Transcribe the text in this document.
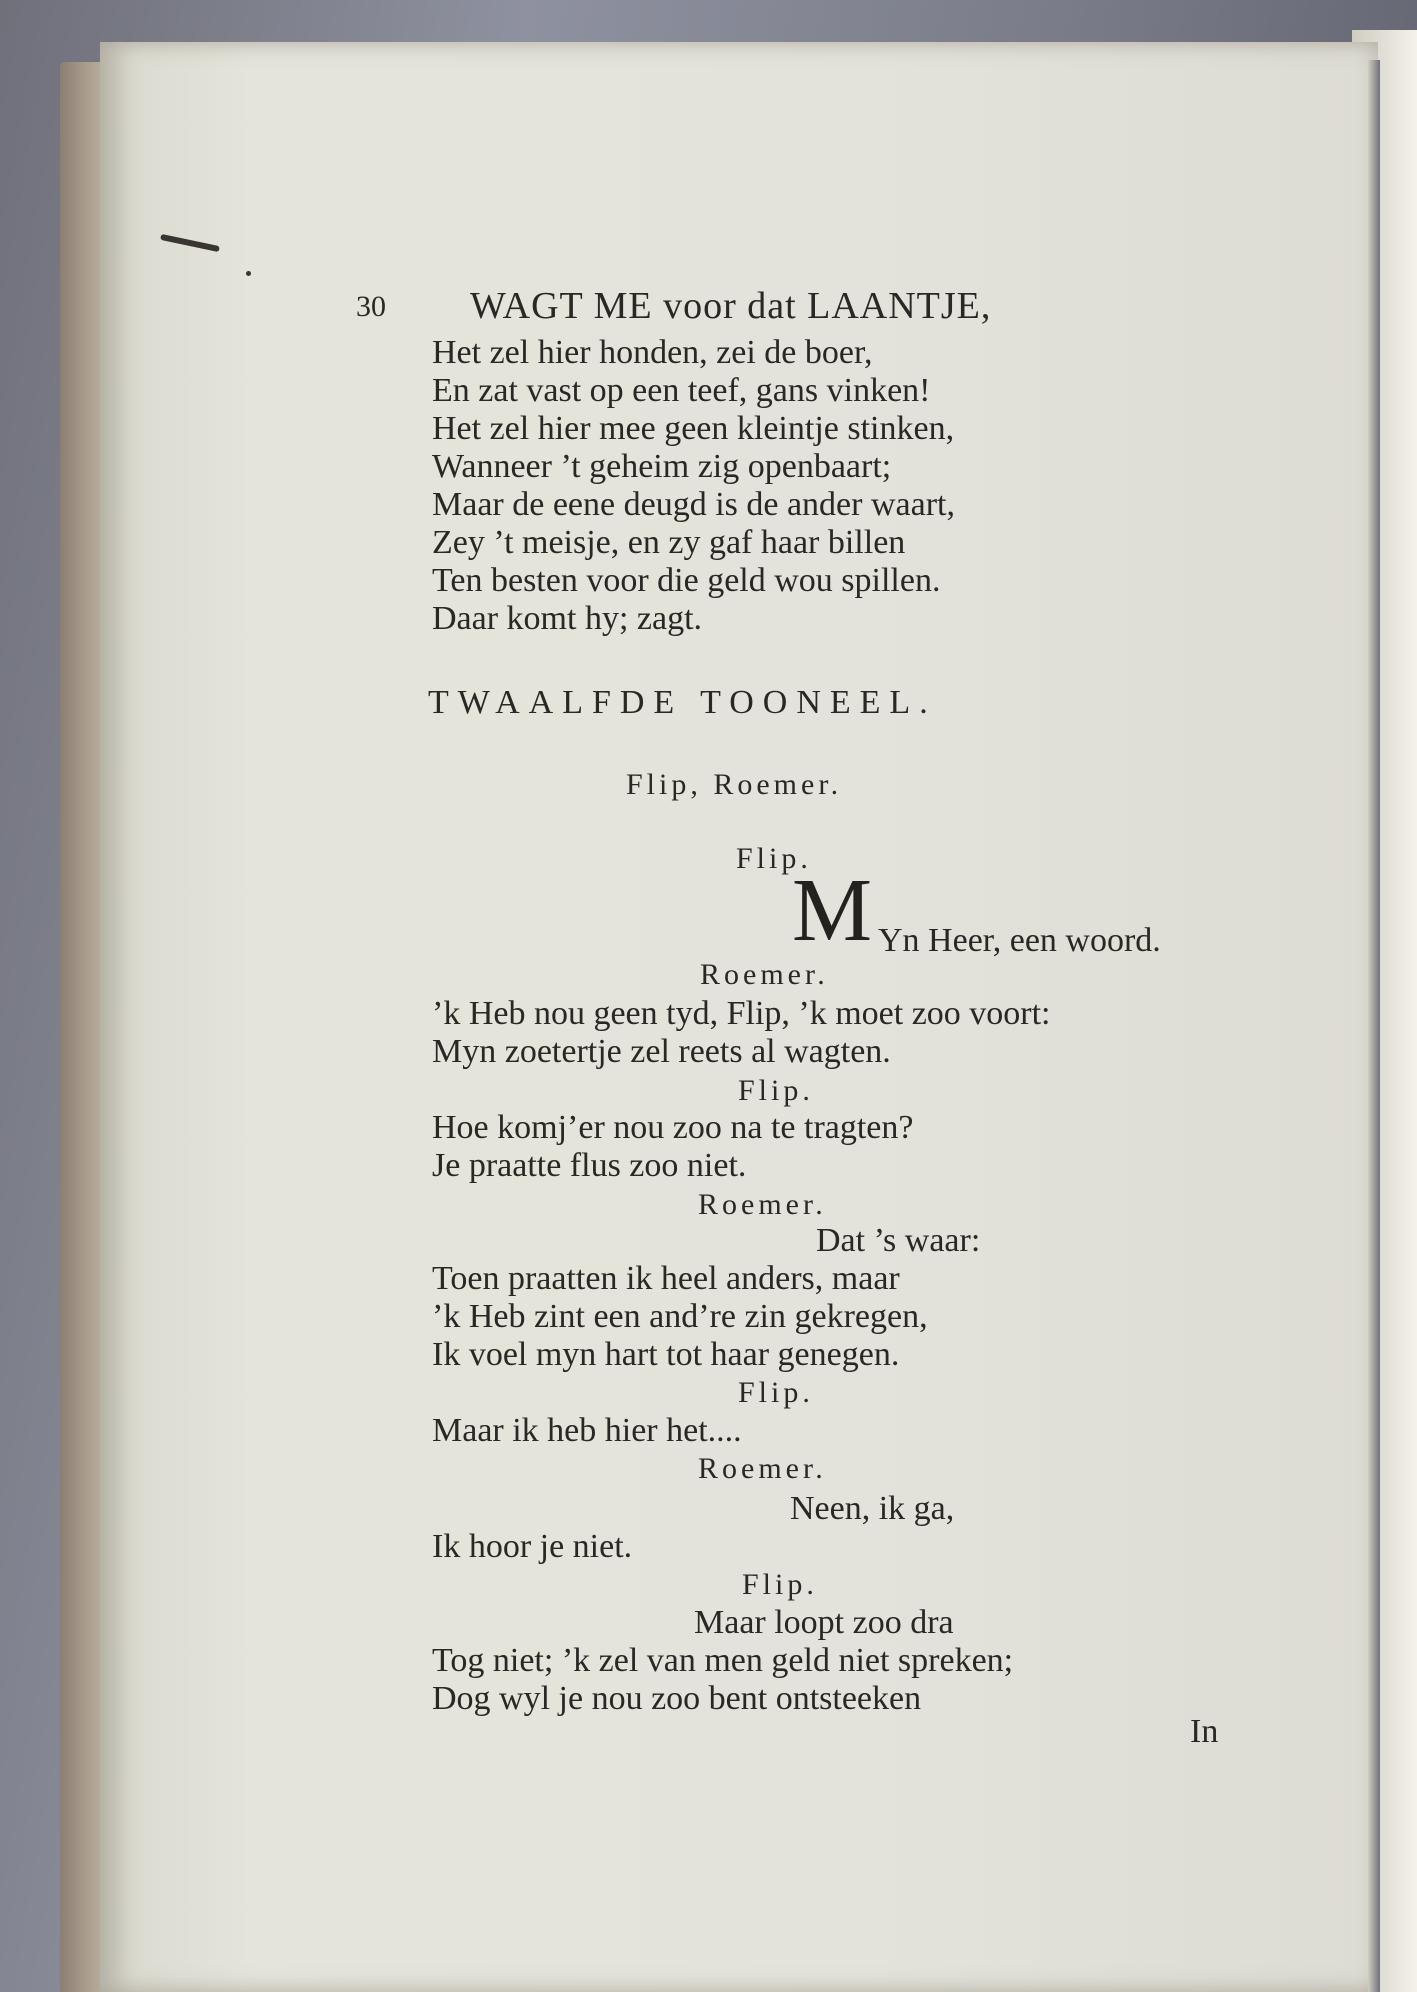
30 WAGT ME voor dat LAANTJE,
Het zel hier honden, zei de boer,
En zat vast op een teef, gans vinken!
Het zel hier mee geen kleintje stinken,
Wanneer ’t geheim zig openbaart;
Maar de eene deugd is de ander waart,
Zey ’t meisje, en zy gaf haar billen
Ten besten voor die geld wou spillen.
Daar komt hy; zagt.
TWAALFDE TOONEEL.
Flip, Roemer.
Flip.
M Yn Heer, een woord.
Roemer.
’k Heb nou geen tyd, Flip, ’k moet zoo voort:
Myn zoetertje zel reets al wagten.
Flip.
Hoe komj’er nou zoo na te tragten?
Je praatte flus zoo niet.
Roemer.
Dat ’s waar:
Toen praatten ik heel anders, maar
’k Heb zint een and’re zin gekregen,
Ik voel myn hart tot haar genegen.
Flip.
Maar ik heb hier het....
Roemer.
Neen, ik ga,
Ik hoor je niet.
Flip.
Maar loopt zoo dra
Tog niet; ’k zel van men geld niet spreken;
Dog wyl je nou zoo bent ontsteeken
In
